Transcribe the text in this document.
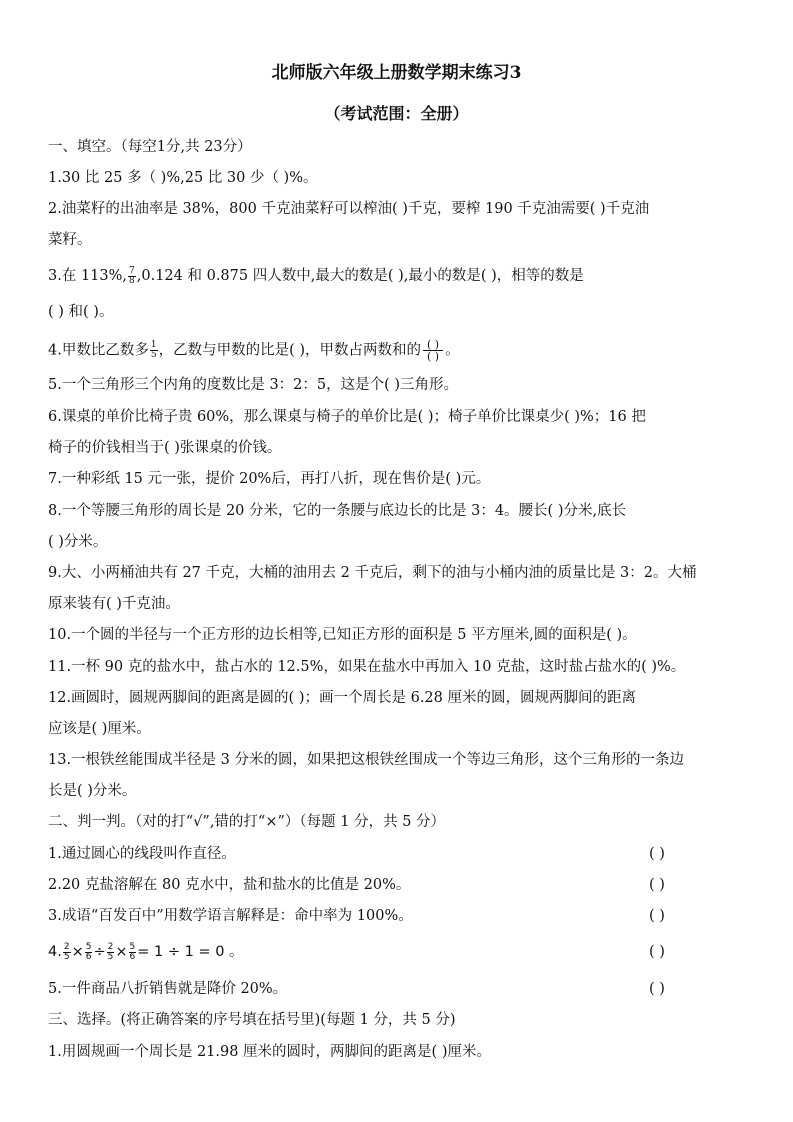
北师版六年级上册数学期末练习3
（考试范围：全册）
一、填空。（每空1分,共 23分）
1.30 比 25 多（ )%,25 比 30 少（ )%。
2.油菜籽的出油率是 38%，800 千克油菜籽可以榨油( )千克，要榨 190 千克油需要( )千克油
菜籽。
3.在 113%, $\frac{7}{8} ,0.124$ 和 0.875 四人数中,最大的数是( ),最小的数是( )，相等的数是
( ) 和( )。
4.甲数比乙数多 $\frac{1}{5}$ ，乙数与甲数的比是( )，甲数占两数和的 $\frac{( )}{( )}$ 。
5.一个三角形三个内角的度数比是 3：2：5，这是个( )三角形。
6.课桌的单价比椅子贵 60%，那么课桌与椅子的单价比是( )；椅子单价比课桌少( )%；16 把
椅子的价钱相当于( )张课桌的价钱。
7.一种彩纸 15 元一张，提价 20%后，再打八折，现在售价是( )元。
8.一个等腰三角形的周长是 20 分米，它的一条腰与底边长的比是 3：4。腰长( )分米,底长
( )分米。
9.大、小两桶油共有 27 千克，大桶的油用去 2 千克后，剩下的油与小桶内油的质量比是 3：2。大桶
原来装有( )千克油。
10.一个圆的半径与一个正方形的边长相等,已知正方形的面积是 5 平方厘米,圆的面积是( )。
11.一杯 90 克的盐水中，盐占水的 12.5%，如果在盐水中再加入 10 克盐，这时盐占盐水的( )%。
12.画圆时，圆规两脚间的距离是圆的( )；画一个周长是 6.28 厘米的圆，圆规两脚间的距离
应该是( )厘米。
13.一根铁丝能围成半径是 3 分米的圆，如果把这根铁丝围成一个等边三角形，这个三角形的一条边
长是( )分米。
二、判一判。（对的打“√”,错的打“×”）（每题 1 分，共 5 分）
1.通过圆心的线段叫作直径。	( )
2.20 克盐溶解在 80 克水中，盐和盐水的比值是 20%。	( )
3.成语“百发百中”用数学语言解释是：命中率为 100%。	( )
4. $\frac{2}{5} \times \frac{5}{6} \div \frac{2}{5} \times \frac{5}{6} = 1 \div 1 = 0$ 。	( )
5.一件商品八折销售就是降价 20%。	( )
三、选择。(将正确答案的序号填在括号里)(每题 1 分，共 5 分)
1.用圆规画一个周长是 21.98 厘米的圆时，两脚间的距离是( )厘米。
